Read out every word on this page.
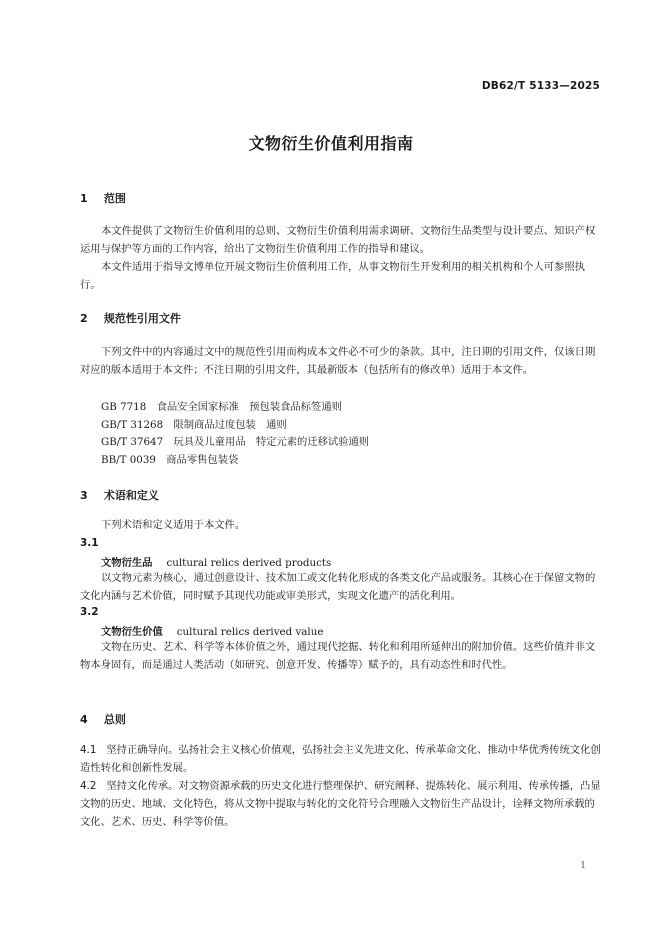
DB62/T 5133—2025
文物衍生价值利用指南
1 范围

本文件提供了文物衍生价值利用的总则、文物衍生价值利用需求调研、文物衍生品类型与设计要点、知识产权运用与保护等方面的工作内容，给出了文物衍生价值利用工作的指导和建议。

本文件适用于指导文博单位开展文物衍生价值利用工作，从事文物衍生开发利用的相关机构和个人可参照执行。

2 规范性引用文件

下列文件中的内容通过文中的规范性引用而构成本文件必不可少的条款。其中，注日期的引用文件，仅该日期对应的版本适用于本文件；不注日期的引用文件，其最新版本（包括所有的修改单）适用于本文件。

GB 7718　食品安全国家标准　预包装食品标签通则
GB/T 31268　限制商品过度包装　通则
GB/T 37647　玩具及儿童用品　特定元素的迁移试验通则
BB/T 0039　商品零售包装袋
3 术语和定义

下列术语和定义适用于本文件。

3.1
文物衍生品 cultural relics derived products

以文物元素为核心，通过创意设计、技术加工或文化转化形成的各类文化产品或服务。其核心在于保留文物的文化内涵与艺术价值，同时赋予其现代功能或审美形式，实现文化遗产的活化利用。

3.2
文物衍生价值 cultural relics derived value

文物在历史、艺术、科学等本体价值之外，通过现代挖掘、转化和利用所延伸出的附加价值。这些价值并非文物本身固有，而是通过人类活动（如研究、创意开发、传播等）赋予的，具有动态性和时代性。

4 总则

4.1 坚持正确导向。弘扬社会主义核心价值观，弘扬社会主义先进文化、传承革命文化、推动中华优秀传统文化创造性转化和创新性发展。

4.2 坚持文化传承。对文物资源承载的历史文化进行整理保护、研究阐释、提炼转化、展示利用、传承传播，凸显文物的历史、地域、文化特色，将从文物中提取与转化的文化符号合理融入文物衍生产品设计，诠释文物所承载的文化、艺术、历史、科学等价值。

1
